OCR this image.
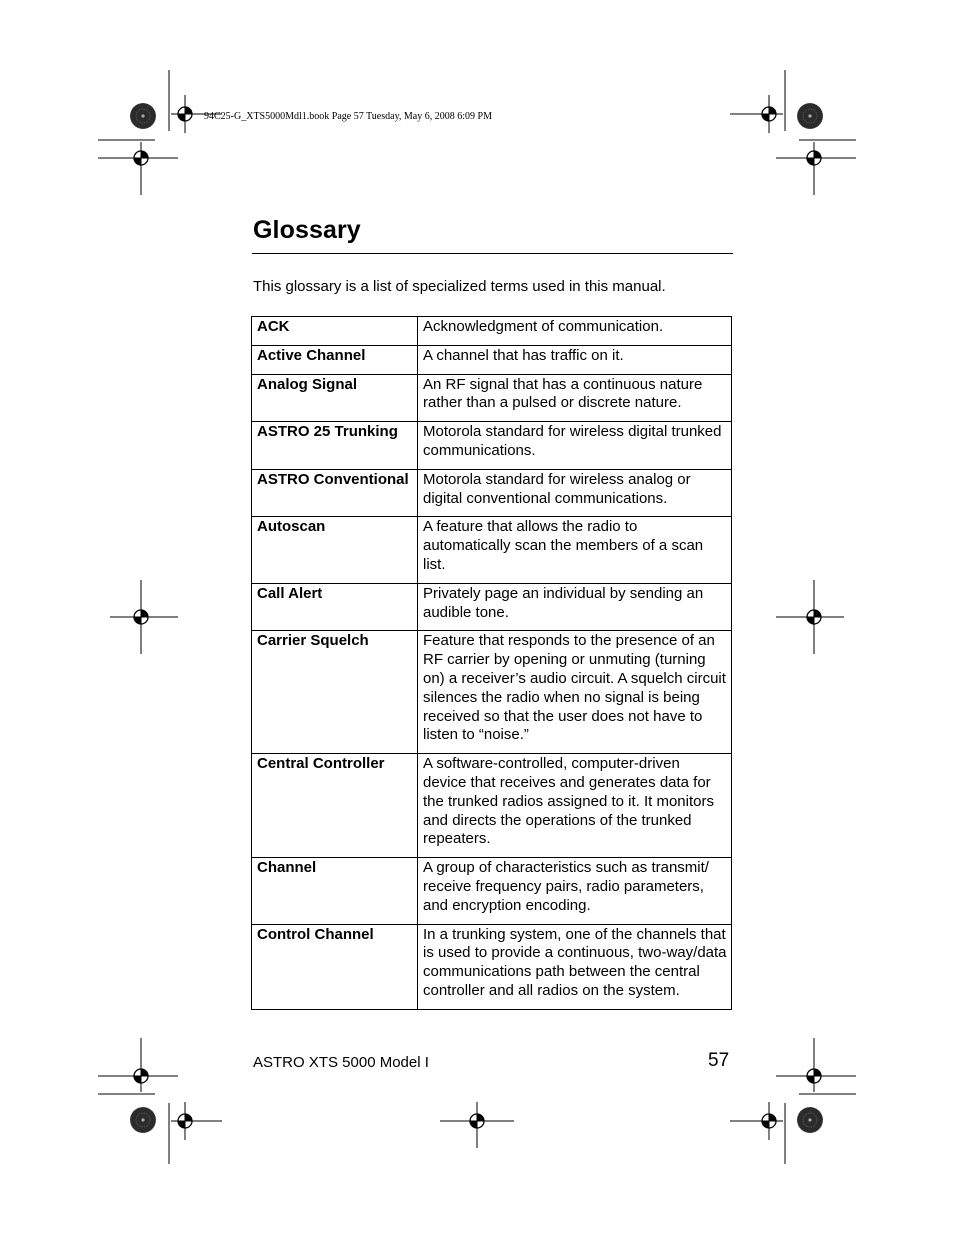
94C25-G_XTS5000Mdl1.book Page 57 Tuesday, May 6, 2008 6:09 PM
Glossary

This glossary is a list of specialized terms used in this manual.

ACK	Acknowledgment of communication.
Active Channel	A channel that has traffic on it.
Analog Signal	An RF signal that has a continuous nature rather than a pulsed or discrete nature.
ASTRO 25 Trunking	Motorola standard for wireless digital trunked communications.
ASTRO Conventional	Motorola standard for wireless analog or digital conventional communications.
Autoscan	A feature that allows the radio to automatically scan the members of a scan list.
Call Alert	Privately page an individual by sending an audible tone.
Carrier Squelch	Feature that responds to the presence of an RF carrier by opening or unmuting (turning on) a receiver’s audio circuit. A squelch circuit silences the radio when no signal is being received so that the user does not have to listen to “noise.”
Central Controller	A software-controlled, computer-driven device that receives and generates data for the trunked radios assigned to it. It monitors and directs the operations of the trunked repeaters.
Channel	A group of characteristics such as transmit/ receive frequency pairs, radio parameters, and encryption encoding.
Control Channel	In a trunking system, one of the channels that is used to provide a continuous, two-way/data communications path between the central controller and all radios on the system.
ASTRO XTS 5000 Model I	57
